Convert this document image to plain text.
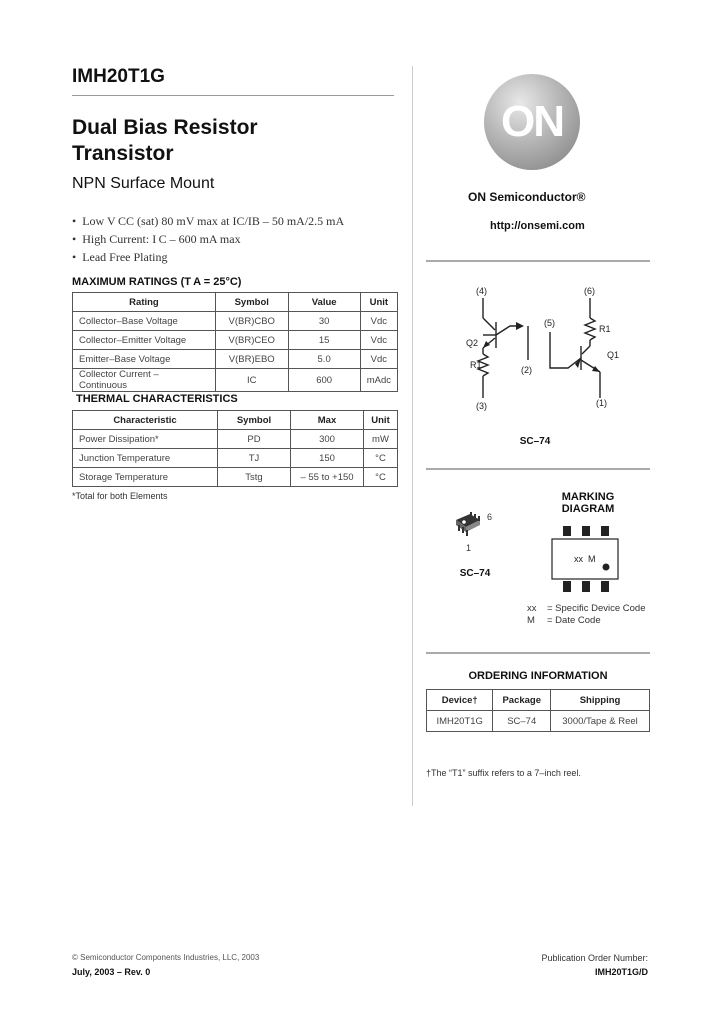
IMH20T1G
Dual Bias Resistor
Transistor
NPN Surface Mount
•  Low V CC (sat) 80 mV max at IC/IB – 50 mA/2.5 mA
•  High Current: I C – 600 mA max
•  Lead Free Plating
MAXIMUM RATINGS (T A = 25°C)
Rating	Symbol	Value	Unit
Collector–Base Voltage	V(BR)CBO	30	Vdc
Collector–Emitter Voltage	V(BR)CEO	15	Vdc
Emitter–Base Voltage	V(BR)EBO	5.0	Vdc
Collector Current – Continuous	IC	600	mAdc
THERMAL CHARACTERISTICS
Characteristic	Symbol	Max	Unit
Power Dissipation*	PD	300	mW
Junction Temperature	TJ	150	°C
Storage Temperature	Tstg	– 55 to +150	°C
*Total for both Elements
ON
ON Semiconductor®
http://onsemi.com
(4)
(5)
(6)
Q2
Q1
R1
R1
(3)
(2)
(1)
SC–74
6
1
SC–74
MARKING
DIAGRAM
xx  M
xx = Specific Device Code
M = Date Code
ORDERING INFORMATION
Device†	Package	Shipping
IMH20T1G	SC–74	3000/Tape & Reel
†The “T1” suffix refers to a 7–inch reel.
© Semiconductor Components Industries, LLC, 2003
July, 2003 – Rev. 0
Publication Order Number:
IMH20T1G/D
